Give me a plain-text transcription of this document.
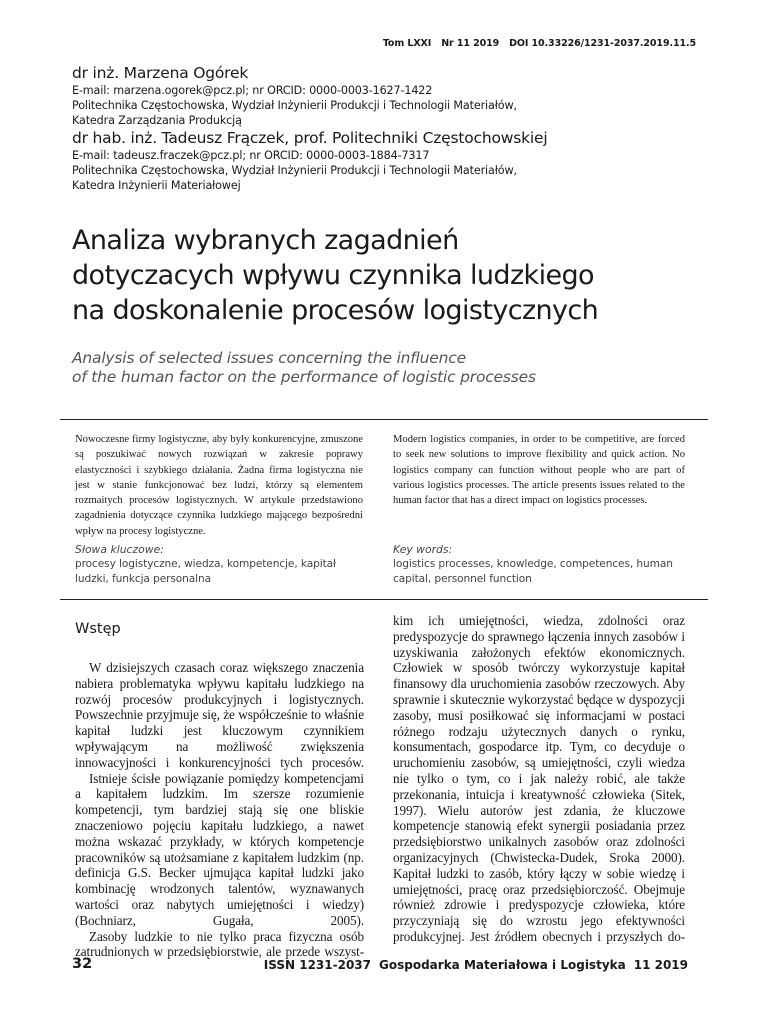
Tom LXXI Nr 11 2019 DOI 10.33226/1231-2037.2019.11.5
dr inż. Marzena Ogórek
E-mail: marzena.ogorek@pcz.pl; nr ORCID: 0000-0003-1627-1422
Politechnika Częstochowska, Wydział Inżynierii Produkcji i Technologii Materiałów,
Katedra Zarządzania Produkcją
dr hab. inż. Tadeusz Frączek, prof. Politechniki Częstochowskiej
E-mail: tadeusz.fraczek@pcz.pl; nr ORCID: 0000-0003-1884-7317
Politechnika Częstochowska, Wydział Inżynierii Produkcji i Technologii Materiałów,
Katedra Inżynierii Materiałowej
Analiza wybranych zagadnień
dotyczacych wpływu czynnika ludzkiego
na doskonalenie procesów logistycznych
Analysis of selected issues concerning the influence
of the human factor on the performance of logistic processes
Nowoczesne firmy logistyczne, aby były konkurencyjne, zmuszone są poszukiwać nowych rozwiązań w zakresie poprawy elastyczności i szybkiego działania. Żadna firma logistyczna nie jest w stanie funkcjonować bez ludzi, którzy są elementem rozmaitych procesów logistycznych. W artykule przedstawiono zagadnienia dotyczące czynnika ludzkiego mającego bezpośredni wpływ na procesy logistyczne.
Modern logistics companies, in order to be competitive, are forced to seek new solutions to improve flexibility and quick action. No logistics company can function without people who are part of various logistics processes. The article presents issues related to the human factor that has a direct impact on logistics processes.
Słowa kluczowe:
procesy logistyczne, wiedza, kompetencje, kapitał ludzki, funkcja personalna
Key words:
logistics processes, knowledge, competences, human capital, personnel function
Wstęp

W dzisiejszych czasach coraz większego znaczenia nabiera problematyka wpływu kapitału ludzkiego na rozwój procesów produkcyjnych i logistycznych. Powszechnie przyjmuje się, że współcześnie to właśnie kapitał ludzki jest kluczowym czynnikiem wpływającym na możliwość zwiększenia innowacyjności i konkurencyjności tych procesów.

Istnieje ścisłe powiązanie pomiędzy kompetencjami a kapitałem ludzkim. Im szersze rozumienie kompetencji, tym bardziej stają się one bliskie znaczeniowo pojęciu kapitału ludzkiego, a nawet można wskazać przykłady, w których kompetencje pracowników są utożsamiane z kapitałem ludzkim (np. definicja G.S. Becker ujmująca kapitał ludzki jako kombinację wrodzonych talentów, wyznawanych wartości oraz nabytych umiejętności i wiedzy) (Bochniarz, Gugała, 2005).

Zasoby ludzkie to nie tylko praca fizyczna osób zatrudnionych w przedsiębiorstwie, ale przede wszyst-

kim ich umiejętności, wiedza, zdolności oraz predyspozycje do sprawnego łączenia innych zasobów i uzyskiwania założonych efektów ekonomicznych. Człowiek w sposób twórczy wykorzystuje kapitał finansowy dla uruchomienia zasobów rzeczowych. Aby sprawnie i skutecznie wykorzystać będące w dyspozycji zasoby, musi posiłkować się informacjami w postaci różnego rodzaju użytecznych danych o rynku, konsumentach, gospodarce itp. Tym, co decyduje o uruchomieniu zasobów, są umiejętności, czyli wiedza nie tylko o tym, co i jak należy robić, ale także przekonania, intuicja i kreatywność człowieka (Sitek, 1997). Wielu autorów jest zdania, że kluczowe kompetencje stanowią efekt synergii posiadania przez przedsiębiorstwo unikalnych zasobów oraz zdolności organizacyjnych (Chwistecka-Dudek, Sroka 2000). Kapitał ludzki to zasób, który łączy w sobie wiedzę i umiejętności, pracę oraz przedsiębiorczość. Obejmuje również zdrowie i predyspozycje człowieka, które przyczyniają się do wzrostu jego efektywności produkcyjnej. Jest źródłem obecnych i przyszłych do-

32	ISSN 1231-2037 Gospodarka Materiałowa i Logistyka 11 2019
